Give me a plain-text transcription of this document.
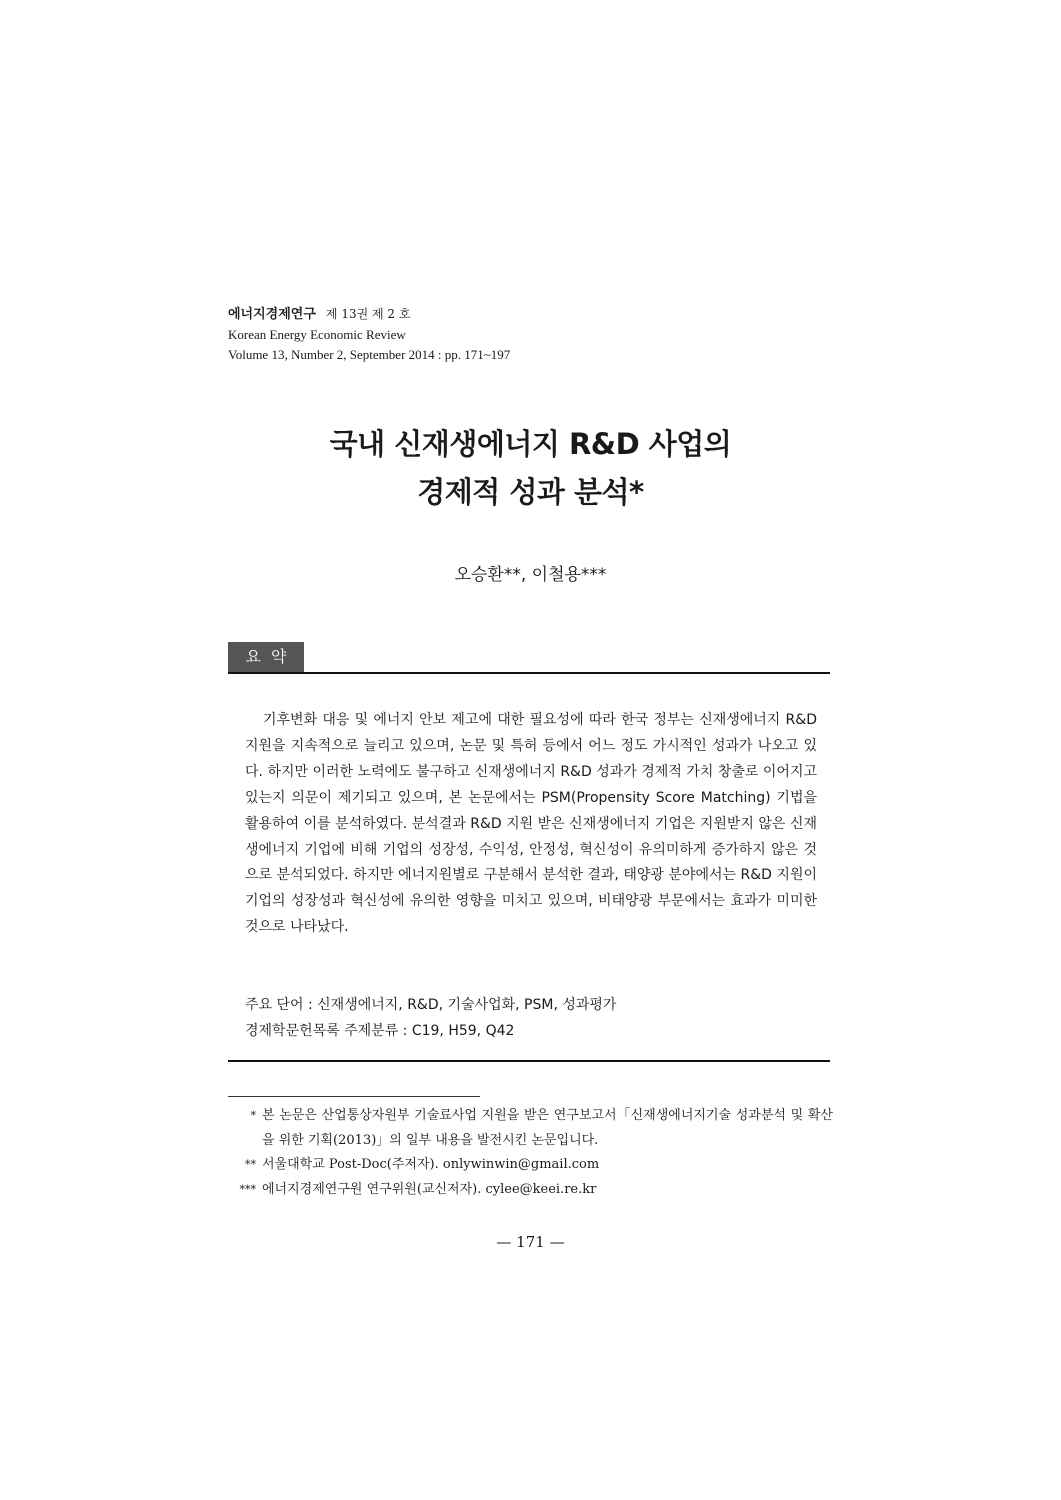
에너지경제연구 제 13권 제 2 호
Korean Energy Economic Review
Volume 13, Number 2, September 2014 : pp. 171~197
국내 신재생에너지 R&D 사업의
경제적 성과 분석*
오승환**, 이철용***
요약
기후변화 대응 및 에너지 안보 제고에 대한 필요성에 따라 한국 정부는 신재생에너지 R&D 지원을 지속적으로 늘리고 있으며, 논문 및 특허 등에서 어느 정도 가시적인 성과가 나오고 있다. 하지만 이러한 노력에도 불구하고 신재생에너지 R&D 성과가 경제적 가치 창출로 이어지고 있는지 의문이 제기되고 있으며, 본 논문에서는 PSM(Propensity Score Matching) 기법을 활용하여 이를 분석하였다. 분석결과 R&D 지원 받은 신재생에너지 기업은 지원받지 않은 신재생에너지 기업에 비해 기업의 성장성, 수익성, 안정성, 혁신성이 유의미하게 증가하지 않은 것으로 분석되었다. 하지만 에너지원별로 구분해서 분석한 결과, 태양광 분야에서는 R&D 지원이 기업의 성장성과 혁신성에 유의한 영향을 미치고 있으며, 비태양광 부문에서는 효과가 미미한 것으로 나타났다.
주요 단어 : 신재생에너지, R&D, 기술사업화, PSM, 성과평가
경제학문헌목록 주제분류 : C19, H59, Q42
* 본 논문은 산업통상자원부 기술료사업 지원을 받은 연구보고서「신재생에너지기술 성과분석 및 확산을 위한 기획(2013)」의 일부 내용을 발전시킨 논문입니다.
** 서울대학교 Post-Doc(주저자). onlywinwin@gmail.com
*** 에너지경제연구원 연구위원(교신저자). cylee@keei.re.kr
— 171 —
